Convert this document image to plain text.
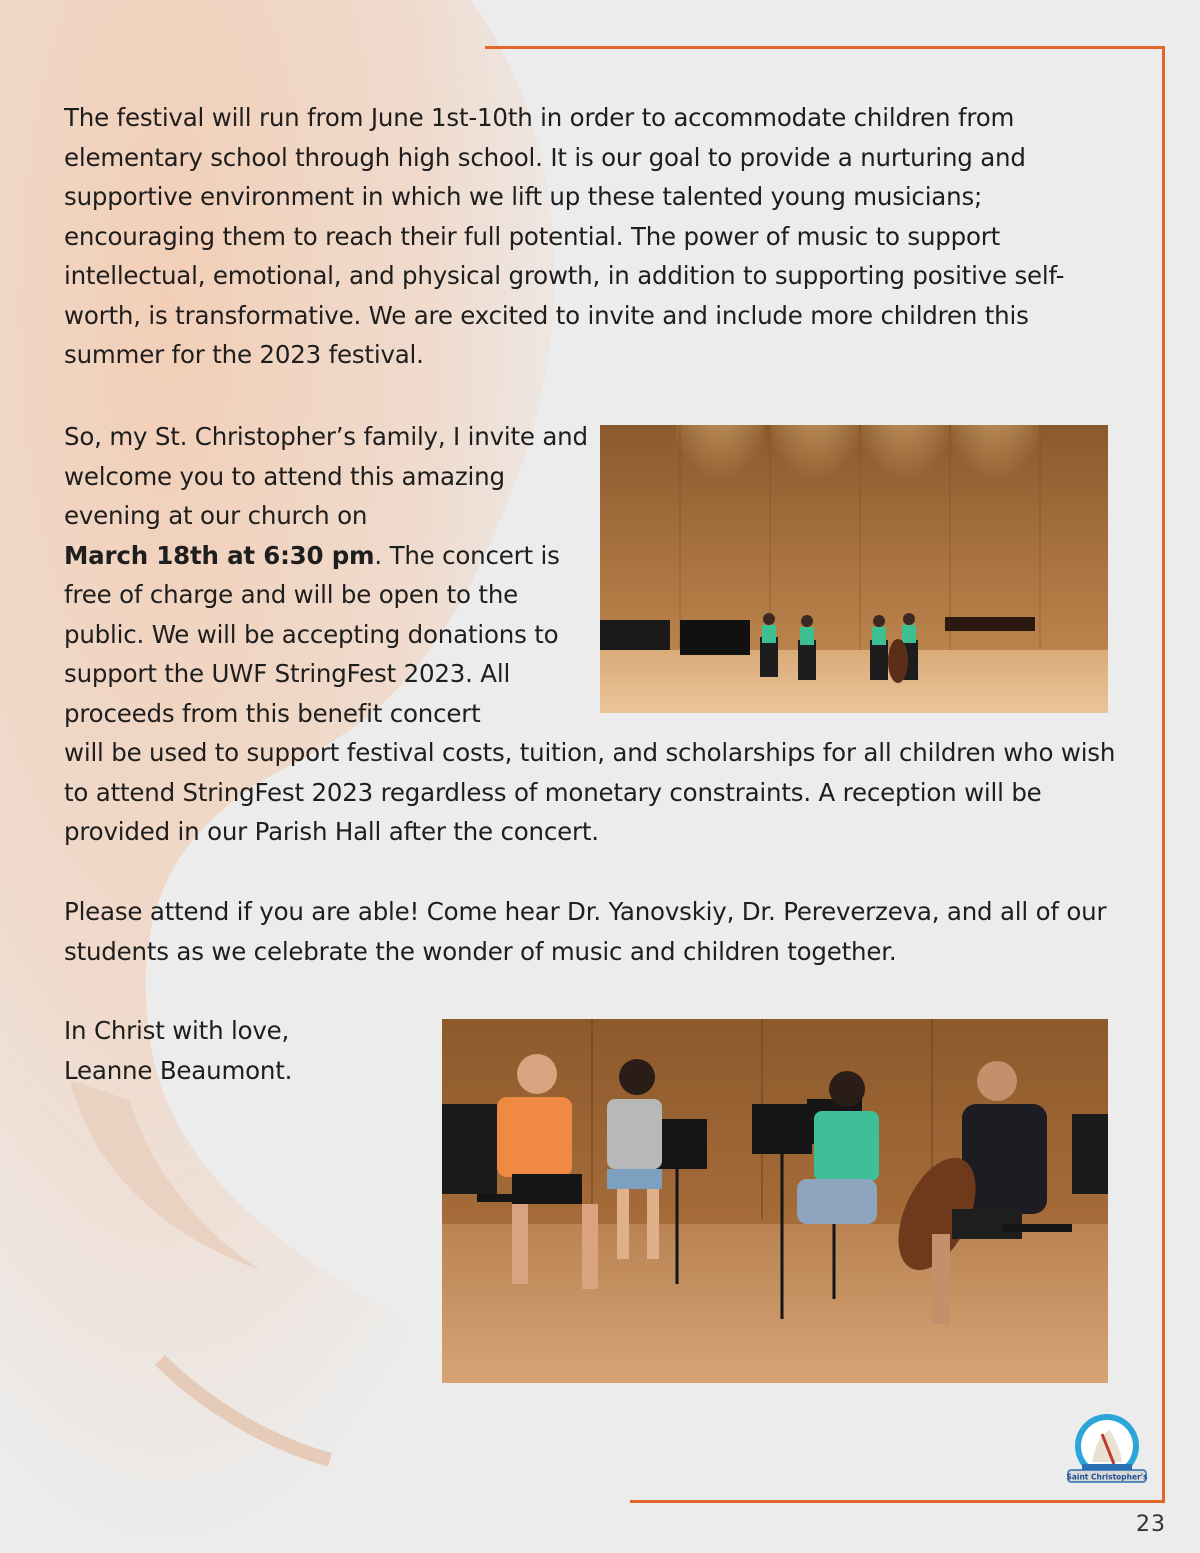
The festival will run from June 1st-10th in order to accommodate children from elementary school through high school. It is our goal to provide a nurturing and supportive environment in which we lift up these talented young musicians; encouraging them to reach their full potential. The power of music to support intellectual, emotional, and physical growth, in addition to supporting positive self-worth, is transformative. We are excited to invite and include more children this summer for the 2023 festival.

So, my St. Christopher’s family, I invite and welcome you to attend this amazing evening at our church on
March 18th at 6:30 pm. The concert is free of charge and will be open to the public. We will be accepting donations to support the UWF StringFest 2023. All proceeds from this benefit concert

will be used to support festival costs, tuition, and scholarships for all children who wish to attend StringFest 2023 regardless of monetary constraints. A reception will be provided in our Parish Hall after the concert.

Please attend if you are able! Come hear Dr. Yanovskiy, Dr. Pereverzeva, and all of our students as we celebrate the wonder of music and children together.

In Christ with love,
Leanne Beaumont.

Saint Christopher's
23
